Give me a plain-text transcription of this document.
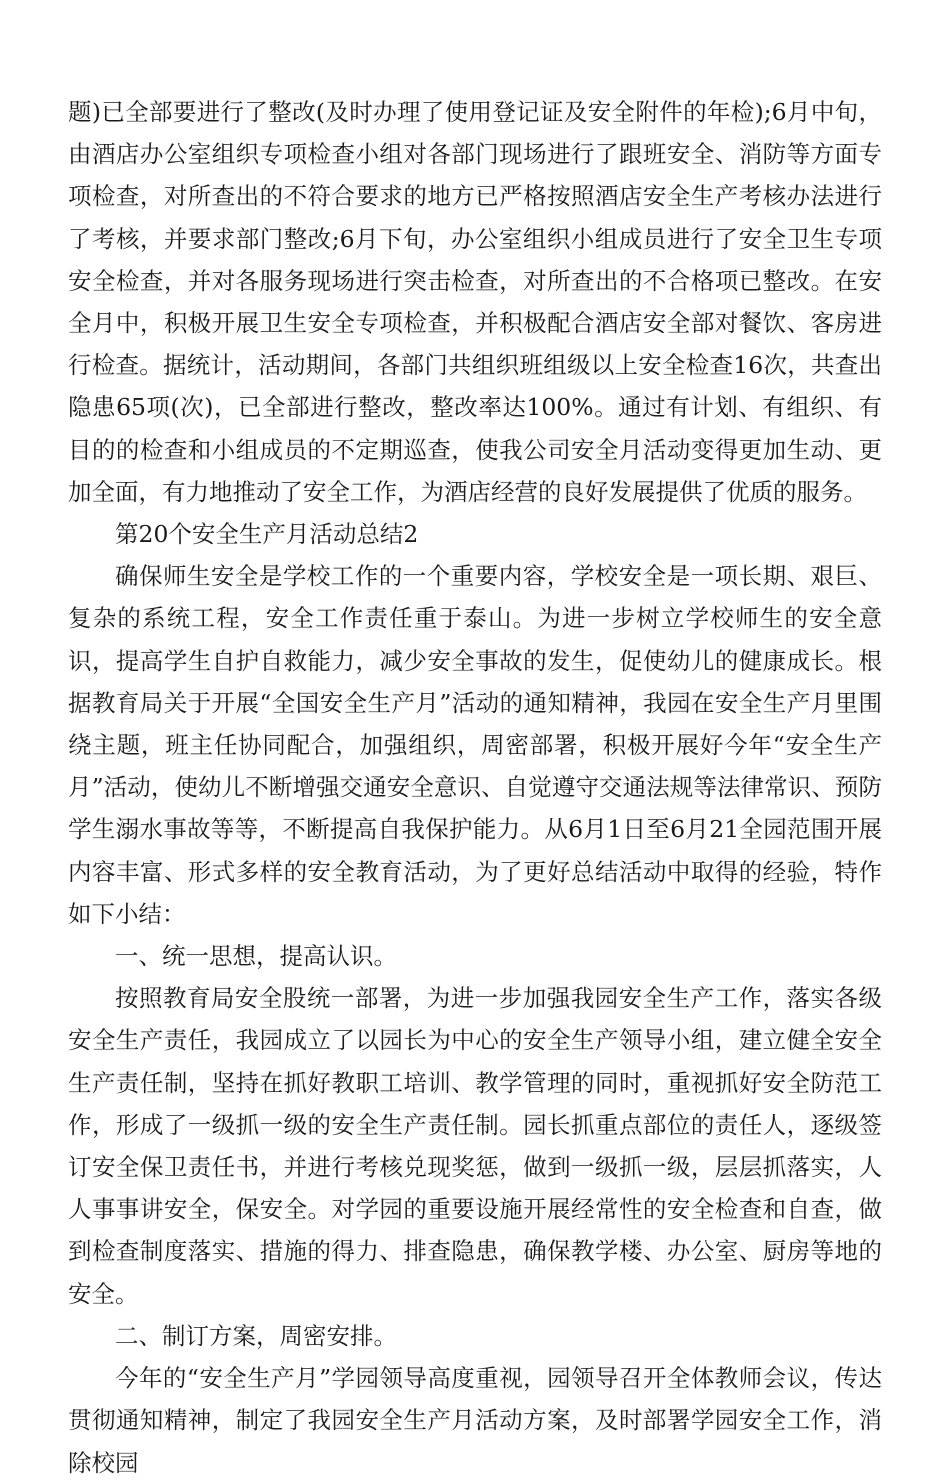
题)已全部要进行了整改(及时办理了使用登记证及安全附件的年检);6月中旬，由酒店办公室组织专项检查小组对各部门现场进行了跟班安全、消防等方面专项检查，对所查出的不符合要求的地方已严格按照酒店安全生产考核办法进行了考核，并要求部门整改;6月下旬，办公室组织小组成员进行了安全卫生专项安全检查，并对各服务现场进行突击检查，对所查出的不合格项已整改。在安全月中，积极开展卫生安全专项检查，并积极配合酒店安全部对餐饮、客房进行检查。据统计，活动期间，各部门共组织班组级以上安全检查16次，共查出隐患65项(次)，已全部进行整改，整改率达100%。通过有计划、有组织、有目的的检查和小组成员的不定期巡查，使我公司安全月活动变得更加生动、更加全面，有力地推动了安全工作，为酒店经营的良好发展提供了优质的服务。

第20个安全生产月活动总结2

确保师生安全是学校工作的一个重要内容，学校安全是一项长期、艰巨、复杂的系统工程，安全工作责任重于泰山。为进一步树立学校师生的安全意识，提高学生自护自救能力，减少安全事故的发生，促使幼儿的健康成长。根据教育局关于开展“全国安全生产月”活动的通知精神，我园在安全生产月里围绕主题，班主任协同配合，加强组织，周密部署，积极开展好今年“安全生产月”活动，使幼儿不断增强交通安全意识、自觉遵守交通法规等法律常识、预防学生溺水事故等等，不断提高自我保护能力。从6月1日至6月21全园范围开展内容丰富、形式多样的安全教育活动，为了更好总结活动中取得的经验，特作如下小结：

一、统一思想，提高认识。

按照教育局安全股统一部署，为进一步加强我园安全生产工作，落实各级安全生产责任，我园成立了以园长为中心的安全生产领导小组，建立健全安全生产责任制，坚持在抓好教职工培训、教学管理的同时，重视抓好安全防范工作，形成了一级抓一级的安全生产责任制。园长抓重点部位的责任人，逐级签订安全保卫责任书，并进行考核兑现奖惩，做到一级抓一级，层层抓落实，人人事事讲安全，保安全。对学园的重要设施开展经常性的安全检查和自查，做到检查制度落实、措施的得力、排查隐患，确保教学楼、办公室、厨房等地的安全。

二、制订方案，周密安排。

今年的“安全生产月”学园领导高度重视，园领导召开全体教师会议，传达贯彻通知精神，制定了我园安全生产月活动方案，及时部署学园安全工作，消除校园
